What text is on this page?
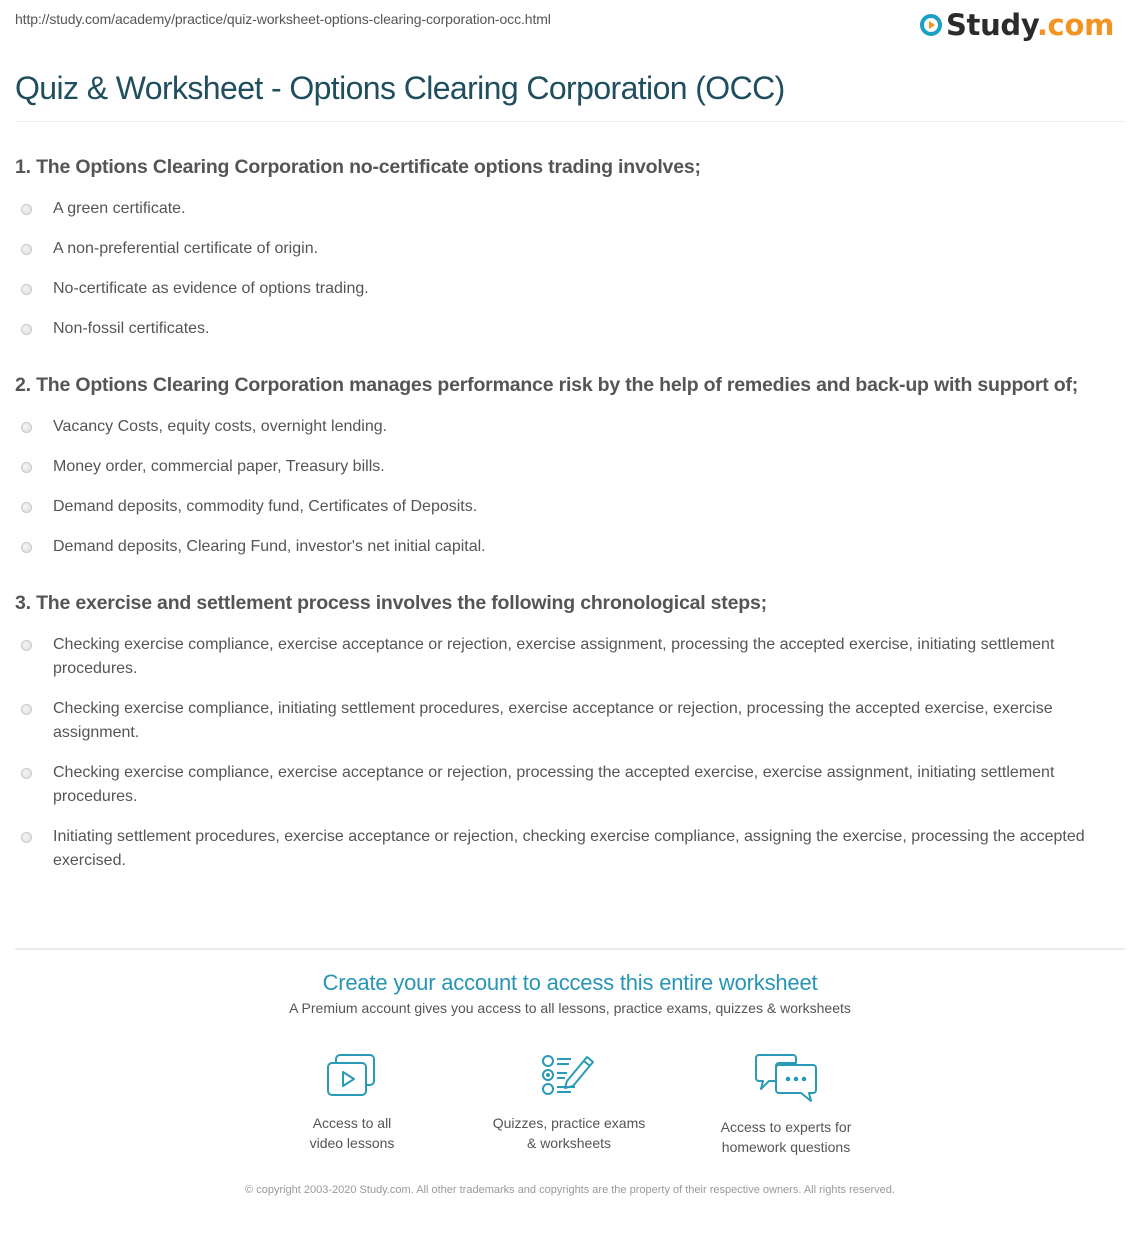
http://study.com/academy/practice/quiz-worksheet-options-clearing-corporation-occ.html	Study.com
Quiz & Worksheet - Options Clearing Corporation (OCC)
1. The Options Clearing Corporation no-certificate options trading involves;
A green certificate.
A non-preferential certificate of origin.
No-certificate as evidence of options trading.
Non-fossil certificates.
2. The Options Clearing Corporation manages performance risk by the help of remedies and back-up with support of;
Vacancy Costs, equity costs, overnight lending.
Money order, commercial paper, Treasury bills.
Demand deposits, commodity fund, Certificates of Deposits.
Demand deposits, Clearing Fund, investor's net initial capital.
3. The exercise and settlement process involves the following chronological steps;
Checking exercise compliance, exercise acceptance or rejection, exercise assignment, processing the accepted exercise, initiating settlement procedures.
Checking exercise compliance, initiating settlement procedures, exercise acceptance or rejection, processing the accepted exercise, exercise assignment.
Checking exercise compliance, exercise acceptance or rejection, processing the accepted exercise, exercise assignment, initiating settlement procedures.
Initiating settlement procedures, exercise acceptance or rejection, checking exercise compliance, assigning the exercise, processing the accepted exercised.
Create your account to access this entire worksheet
A Premium account gives you access to all lessons, practice exams, quizzes & worksheets
Access to all
video lessons
Quizzes, practice exams
& worksheets
Access to experts for
homework questions
© copyright 2003-2020 Study.com. All other trademarks and copyrights are the property of their respective owners. All rights reserved.
